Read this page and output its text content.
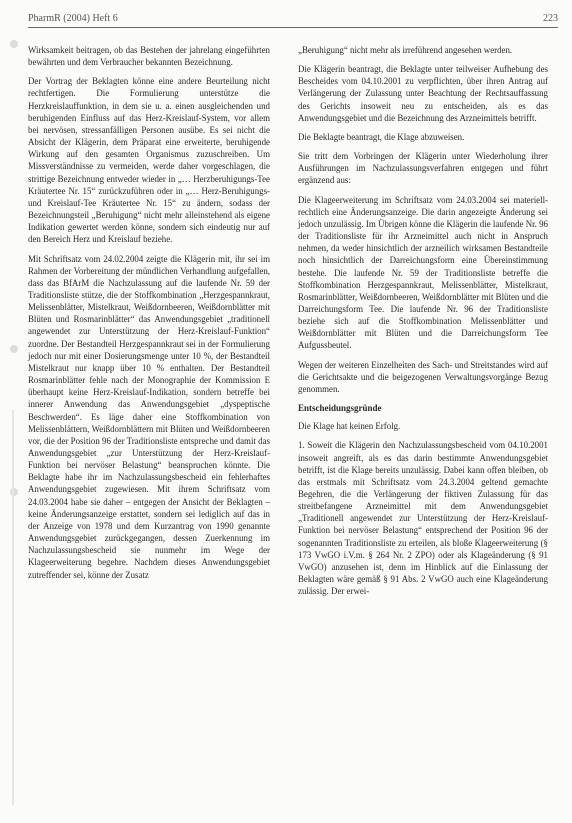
PharmR (2004) Heft 6	223

Wirksamkeit beitragen, ob das Bestehen der jahrelang eingeführten bewährten und dem Verbraucher bekannten Bezeichnung.

Der Vortrag der Beklagten könne eine andere Beurteilung nicht rechtfertigen. Die Formulierung unterstütze die Herzkreislauffunktion, in dem sie u. a. einen ausgleichenden und beruhigenden Einfluss auf das Herz-Kreislauf-System, vor allem bei nervösen, stressanfälligen Personen ausübe. Es sei nicht die Absicht der Klägerin, dem Präparat eine erweiterte, beruhigende Wirkung auf den gesamten Organismus zuzuschreiben. Um Missverständnisse zu vermeiden, werde daher vorgeschlagen, die strittige Bezeichnung entweder wieder in „… Herzberuhigungs-Tee Kräutertee Nr. 15“ zurückzuführen oder in „… Herz-Beruhigungs- und Kreislauf-Tee Kräutertee Nr. 15“ zu ändern, sodass der Bezeichnungsteil „Beruhigung“ nicht mehr alleinstehend als eigene Indikation gewertet werden könne, sondern sich eindeutig nur auf den Bereich Herz und Kreislauf beziehe.

Mit Schriftsatz vom 24.02.2004 zeigte die Klägerin mit, ihr sei im Rahmen der Vorbereitung der mündlichen Verhandlung aufgefallen, dass das BfArM die Nachzulassung auf die laufende Nr. 59 der Traditionsliste stütze, die der Stoffkombination „Herzgespannkraut, Melissenblätter, Mistelkraut, Weißdornbeeren, Weißdornblätter mit Blüten und Rosmarinblätter“ das Anwendungsgebiet „traditionell angewendet zur Unterstützung der Herz-Kreislauf-Funktion“ zuordne. Der Bestandteil Herzgespannkraut sei in der Formulierung jedoch nur mit einer Dosierungsmenge unter 10 %, der Bestandteil Mistelkraut nur knapp über 10 % enthalten. Der Bestandteil Rosmarinblätter fehle nach der Monographie der Kommission E überhaupt keine Herz-Kreislauf-Indikation, sondern betreffe bei innerer Anwendung das Anwendungsgebiet „dyspeptische Beschwerden“. Es läge daher eine Stoffkombination von Melissenblättern, Weißdornblättern mit Blüten und Weißdornbeeren vor, die der Position 96 der Traditionsliste entspreche und damit das Anwendungsgebiet „zur Unterstützung der Herz-Kreislauf-Funktion bei nervöser Belastung“ beanspruchen könnte. Die Beklagte habe ihr im Nachzulassungsbescheid ein fehlerhaftes Anwendungsgebiet zugewiesen. Mit ihrem Schriftsatz vom 24.03.2004 habe sie daher – entgegen der Ansicht der Beklagten – keine Änderungsanzeige erstattet, sondern sei lediglich auf das in der Anzeige von 1978 und dem Kurzantrag von 1990 genannte Anwendungsgebiet zurückgegangen, dessen Zuerkennung im Nachzulassungsbescheid sie nunmehr im Wege der Klageerweiterung begehre. Nachdem dieses Anwendungsgebiet zutreffender sei, könne der Zusatz

„Beruhigung“ nicht mehr als irreführend angesehen werden.

Die Klägerin beantragt, die Beklagte unter teilweiser Aufhebung des Bescheides vom 04.10.2001 zu verpflichten, über ihren Antrag auf Verlängerung der Zulassung unter Beachtung der Rechtsauffassung des Gerichts insoweit neu zu entscheiden, als es das Anwendungsgebiet und die Bezeichnung des Arzneimittels betrifft.

Die Beklagte beantragt, die Klage abzuweisen.

Sie tritt dem Vorbringen der Klägerin unter Wiederholung ihrer Ausführungen im Nachzulassungsverfahren entgegen und führt ergänzend aus:

Die Klageerweiterung im Schriftsatz vom 24.03.2004 sei materiell-rechtlich eine Änderungsanzeige. Die darin angezeigte Änderung sei jedoch unzulässig. Im Übrigen könne die Klägerin die laufende Nr. 96 der Traditionsliste für ihr Arzneimittel auch nicht in Anspruch nehmen, da weder hinsichtlich der arzneilich wirksamen Bestandteile noch hinsichtlich der Darreichungsform eine Übereinstimmung bestehe. Die laufende Nr. 59 der Traditionsliste betreffe die Stoffkombination Herzgespannkraut, Melissenblätter, Mistelkraut, Rosmarinblätter, Weißdornbeeren, Weißdornblätter mit Blüten und die Darreichungsform Tee. Die laufende Nr. 96 der Traditionsliste beziehe sich auf die Stoffkombination Melissenblätter und Weißdornblätter mit Blüten und die Darreichungsform Tee Aufgussbeutel.

Wegen der weiteren Einzelheiten des Sach- und Streitstandes wird auf die Gerichtsakte und die beigezogenen Verwaltungsvorgänge Bezug genommen.

Entscheidungsgründe

Die Klage hat keinen Erfolg.

1. Soweit die Klägerin den Nachzulassungsbescheid vom 04.10.2001 insoweit angreift, als es das darin bestimmte Anwendungsgebiet betrifft, ist die Klage bereits unzulässig. Dabei kann offen bleiben, ob das erstmals mit Schriftsatz vom 24.3.2004 geltend gemachte Begehren, die die Verlängerung der fiktiven Zulassung für das streitbefangene Arzneimittel mit dem Anwendungsgebiet „Traditionell angewendet zur Unterstützung der Herz-Kreislauf-Funktion bei nervöser Belastung“ entsprechend der Position 96 der sogenannten Traditionsliste zu erteilen, als bloße Klageerweiterung (§ 173 VwGO i.V.m. § 264 Nr. 2 ZPO) oder als Klageänderung (§ 91 VwGO) anzusehen ist, denn im Hinblick auf die Einlassung der Beklagten wäre gemäß § 91 Abs. 2 VwGO auch eine Klageänderung zulässig. Der erwei-
